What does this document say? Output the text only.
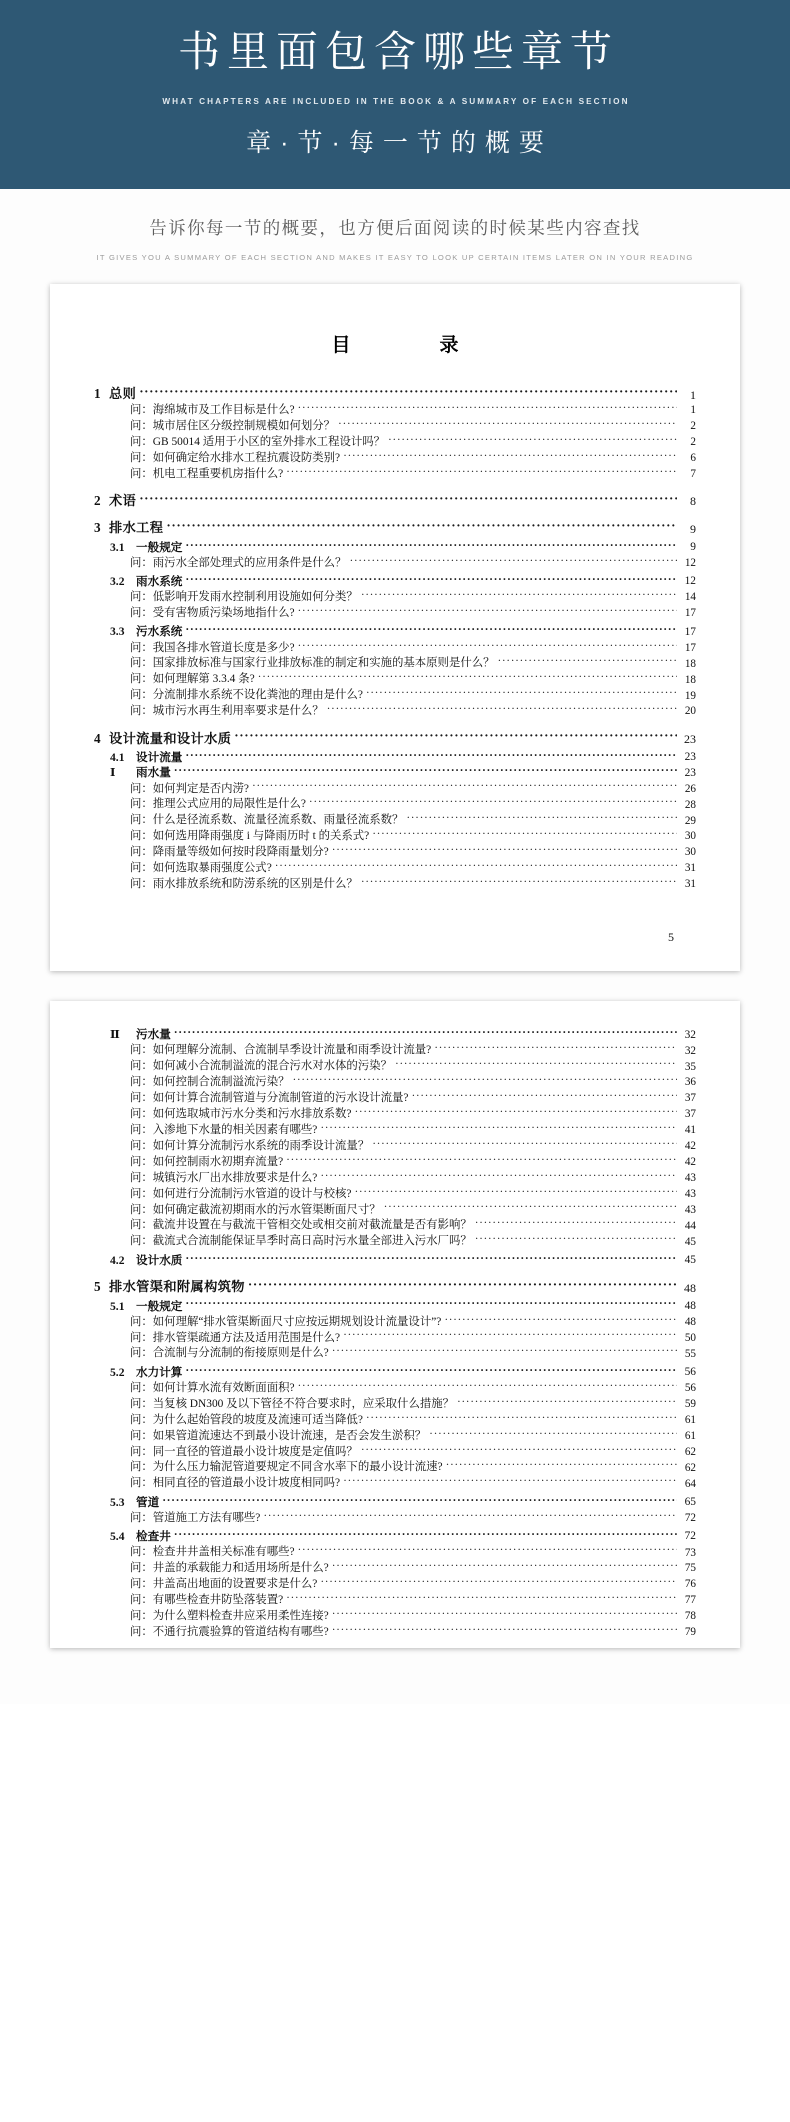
书里面包含哪些章节
WHAT CHAPTERS ARE INCLUDED IN THE BOOK & A SUMMARY OF EACH SECTION
章·节·每一节的概要
告诉你每一节的概要，也方便后面阅读的时候某些内容查找
IT GIVES YOU A SUMMARY OF EACH SECTION AND MAKES IT EASY TO LOOK UP CERTAIN ITEMS LATER ON IN YOUR READING
目　　录
1 总则 ·····	1
问：海绵城市及工作目标是什么? ·····	1
问：城市居住区分级控制规模如何划分？ ·····	2
问：GB 50014 适用于小区的室外排水工程设计吗？ ·····	2
问：如何确定给水排水工程抗震设防类别? ·····	6
问：机电工程重要机房指什么? ·····	7
2 术语 ·····	8
3 排水工程 ·····	9
3.1 一般规定 ·····	9
问：雨污水全部处理式的应用条件是什么？ ·····	12
3.2 雨水系统 ·····	12
问：低影响开发雨水控制利用设施如何分类？ ·····	14
问：受有害物质污染场地指什么? ·····	17
3.3 污水系统 ·····	17
问：我国各排水管道长度是多少? ·····	17
问：国家排放标准与国家行业排放标准的制定和实施的基本原则是什么？ ·····	18
问：如何理解第 3.3.4 条? ·····	18
问：分流制排水系统不设化粪池的理由是什么? ·····	19
问：城市污水再生利用率要求是什么？ ·····	20
4 设计流量和设计水质 ·····	23
4.1 设计流量 ·····	23
Ⅰ 雨水量 ·····	23
问：如何判定是否内涝? ·····	26
问：推理公式应用的局限性是什么? ·····	28
问：什么是径流系数、流量径流系数、雨量径流系数？ ·····	29
问：如何选用降雨强度 i 与降雨历时 t 的关系式? ·····	30
问：降雨量等级如何按时段降雨量划分? ·····	30
问：如何选取暴雨强度公式? ·····	31
问：雨水排放系统和防涝系统的区别是什么？ ·····	31
5
Ⅱ 污水量 ·····	32
问：如何理解分流制、合流制旱季设计流量和雨季设计流量? ·····	32
问：如何减小合流制溢流的混合污水对水体的污染？ ·····	35
问：如何控制合流制溢流污染？ ·····	36
问：如何计算合流制管道与分流制管道的污水设计流量? ·····	37
问：如何选取城市污水分类和污水排放系数? ·····	37
问：入渗地下水量的相关因素有哪些? ·····	41
问：如何计算分流制污水系统的雨季设计流量？ ·····	42
问：如何控制雨水初期弃流量? ·····	42
问：城镇污水厂出水排放要求是什么? ·····	43
问：如何进行分流制污水管道的设计与校核? ·····	43
问：如何确定截流初期雨水的污水管渠断面尺寸？ ·····	43
问：截流井设置在与截流干管相交处或相交前对截流量是否有影响？ ·····	44
问：截流式合流制能保证旱季时高日高时污水量全部进入污水厂吗？ ·····	45
4.2 设计水质 ·····	45
5 排水管渠和附属构筑物 ·····	48
5.1 一般规定 ·····	48
问：如何理解“排水管渠断面尺寸应按远期规划设计流量设计”? ·····	48
问：排水管渠疏通方法及适用范围是什么? ·····	50
问：合流制与分流制的衔接原则是什么? ·····	55
5.2 水力计算 ·····	56
问：如何计算水流有效断面面积? ·····	56
问：当复核 DN300 及以下管径不符合要求时，应采取什么措施？ ·····	59
问：为什么起始管段的坡度及流速可适当降低? ·····	61
问：如果管道流速达不到最小设计流速，是否会发生淤积？ ·····	61
问：同一直径的管道最小设计坡度是定值吗？ ·····	62
问：为什么压力输泥管道要规定不同含水率下的最小设计流速? ·····	62
问：相同直径的管道最小设计坡度相同吗? ·····	64
5.3 管道 ·····	65
问：管道施工方法有哪些? ·····	72
5.4 检查井 ·····	72
问：检查井井盖相关标准有哪些? ·····	73
问：井盖的承载能力和适用场所是什么? ·····	75
问：井盖高出地面的设置要求是什么? ·····	76
问：有哪些检查井防坠落装置? ·····	77
问：为什么塑料检查井应采用柔性连接? ·····	78
问：不通行抗震验算的管道结构有哪些? ·····	79
